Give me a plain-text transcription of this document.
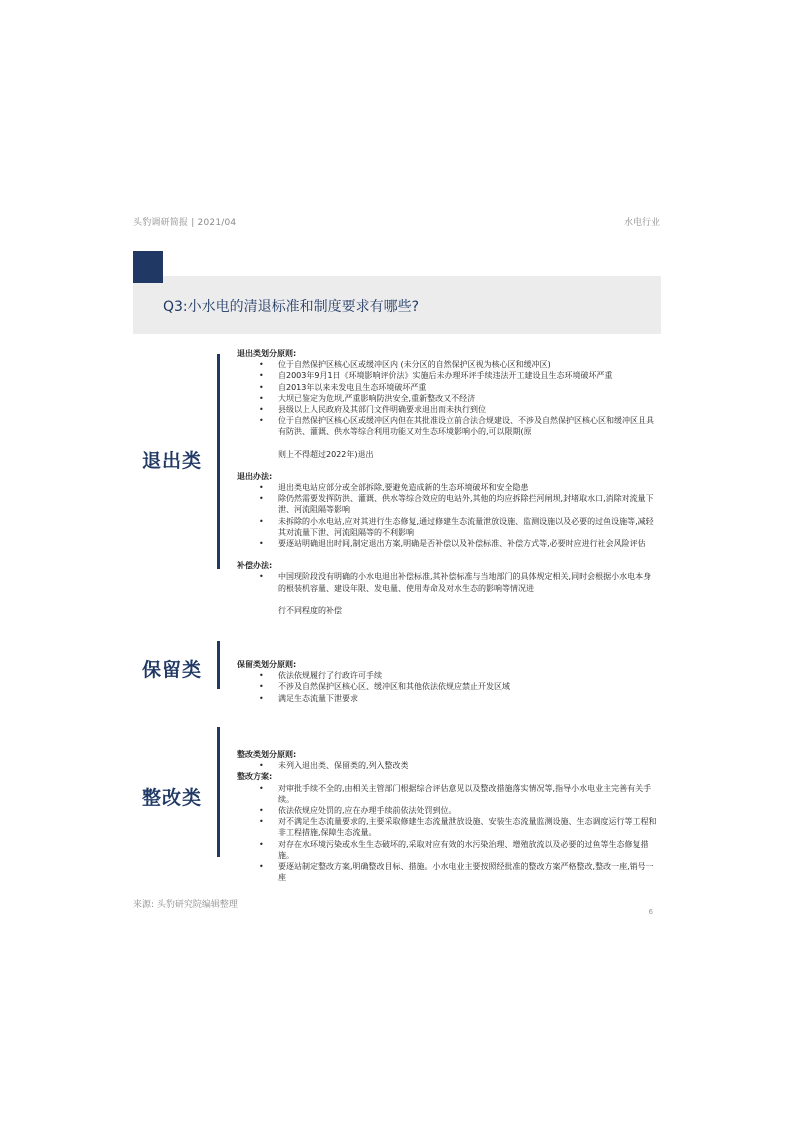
头豹调研简报 | 2021/04	水电行业
Q3:小水电的清退标准和制度要求有哪些?
退出类
保留类
整改类
退出类划分原则:
• 位于自然保护区核心区或缓冲区内 (未分区的自然保护区视为核心区和缓冲区)
• 自2003年9月1日《环境影响评价法》实施后未办理环评手续违法开工建设且生态环境破坏严重
• 自2013年以来未发电且生态环境破坏严重
• 大坝已鉴定为危坝,严重影响防洪安全,重新整改又不经济
• 县级以上人民政府及其部门文件明确要求退出而未执行到位
• 位于自然保护区核心区或缓冲区内但在其批准设立前合法合规建设、不涉及自然保护区核心区和缓冲区且具有防洪、灌溉、供水等综合利用功能又对生态环境影响小的,可以限期(原
则上不得超过2022年)退出
退出办法:
• 退出类电站应部分或全部拆除,要避免造成新的生态环境破坏和安全隐患
• 除仍然需要发挥防洪、灌溉、供水等综合效应的电站外,其他的均应拆除拦河闸坝,封堵取水口,消除对流量下泄、河流阻隔等影响
• 未拆除的小水电站,应对其进行生态修复,通过修建生态流量泄放设施、监测设施以及必要的过鱼设施等,减轻其对流量下泄、河流阻隔等的不利影响
• 要逐站明确退出时间,制定退出方案,明确是否补偿以及补偿标准、补偿方式等,必要时应进行社会风险评估
补偿办法:
• 中国现阶段没有明确的小水电退出补偿标准,其补偿标准与当地部门的具体规定相关,同时会根据小水电本身的根装机容量、建设年限、发电量、使用寿命及对水生态的影响等情况进
行不同程度的补偿
保留类划分原则:
• 依法依规履行了行政许可手续
• 不涉及自然保护区核心区、缓冲区和其他依法依规应禁止开发区域
• 满足生态流量下泄要求
整改类划分原则:
• 未列入退出类、保留类的,列入整改类
整改方案:
• 对审批手续不全的,由相关主管部门根据综合评估意见以及整改措施落实情况等,指导小水电业主完善有关手续。
• 依法依规应处罚的,应在办理手续前依法处罚到位。
• 对不满足生态流量要求的,主要采取修建生态流量泄放设施、安装生态流量监测设施、生态调度运行等工程和非工程措施,保障生态流量。
• 对存在水环境污染或水生生态破坏的,采取对应有效的水污染治理、增殖放流以及必要的过鱼等生态修复措施。
• 要逐站制定整改方案,明确整改目标、措施。小水电业主要按照经批准的整改方案严格整改,整改一座,销号一座
来源: 头豹研究院编辑整理
6
